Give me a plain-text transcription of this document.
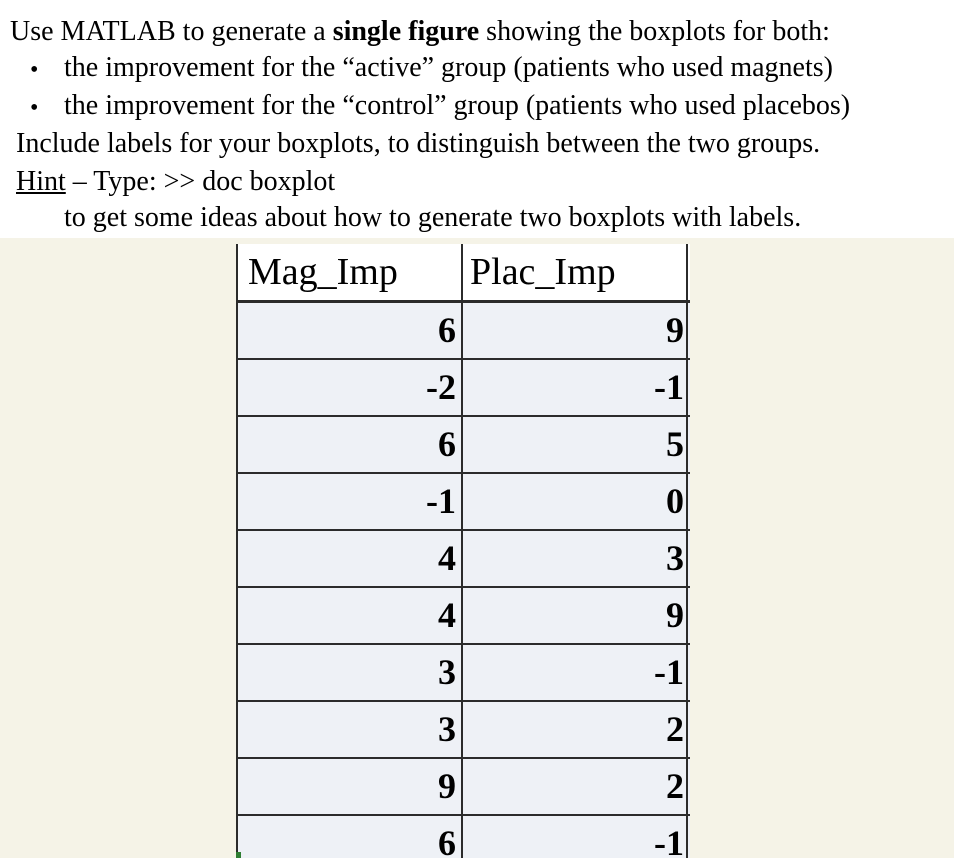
Use MATLAB to generate a single figure showing the boxplots for both:
• the improvement for the “active” group (patients who used magnets)
• the improvement for the “control” group (patients who used placebos)
Include labels for your boxplots, to distinguish between the two groups.
Hint – Type: >> doc boxplot
to get some ideas about how to generate two boxplots with labels.
Mag_Imp Plac_Imp
6	9
-2	-1
6	5
-1	0
4	3
4	9
3	-1
3	2
9	2
6	-1
